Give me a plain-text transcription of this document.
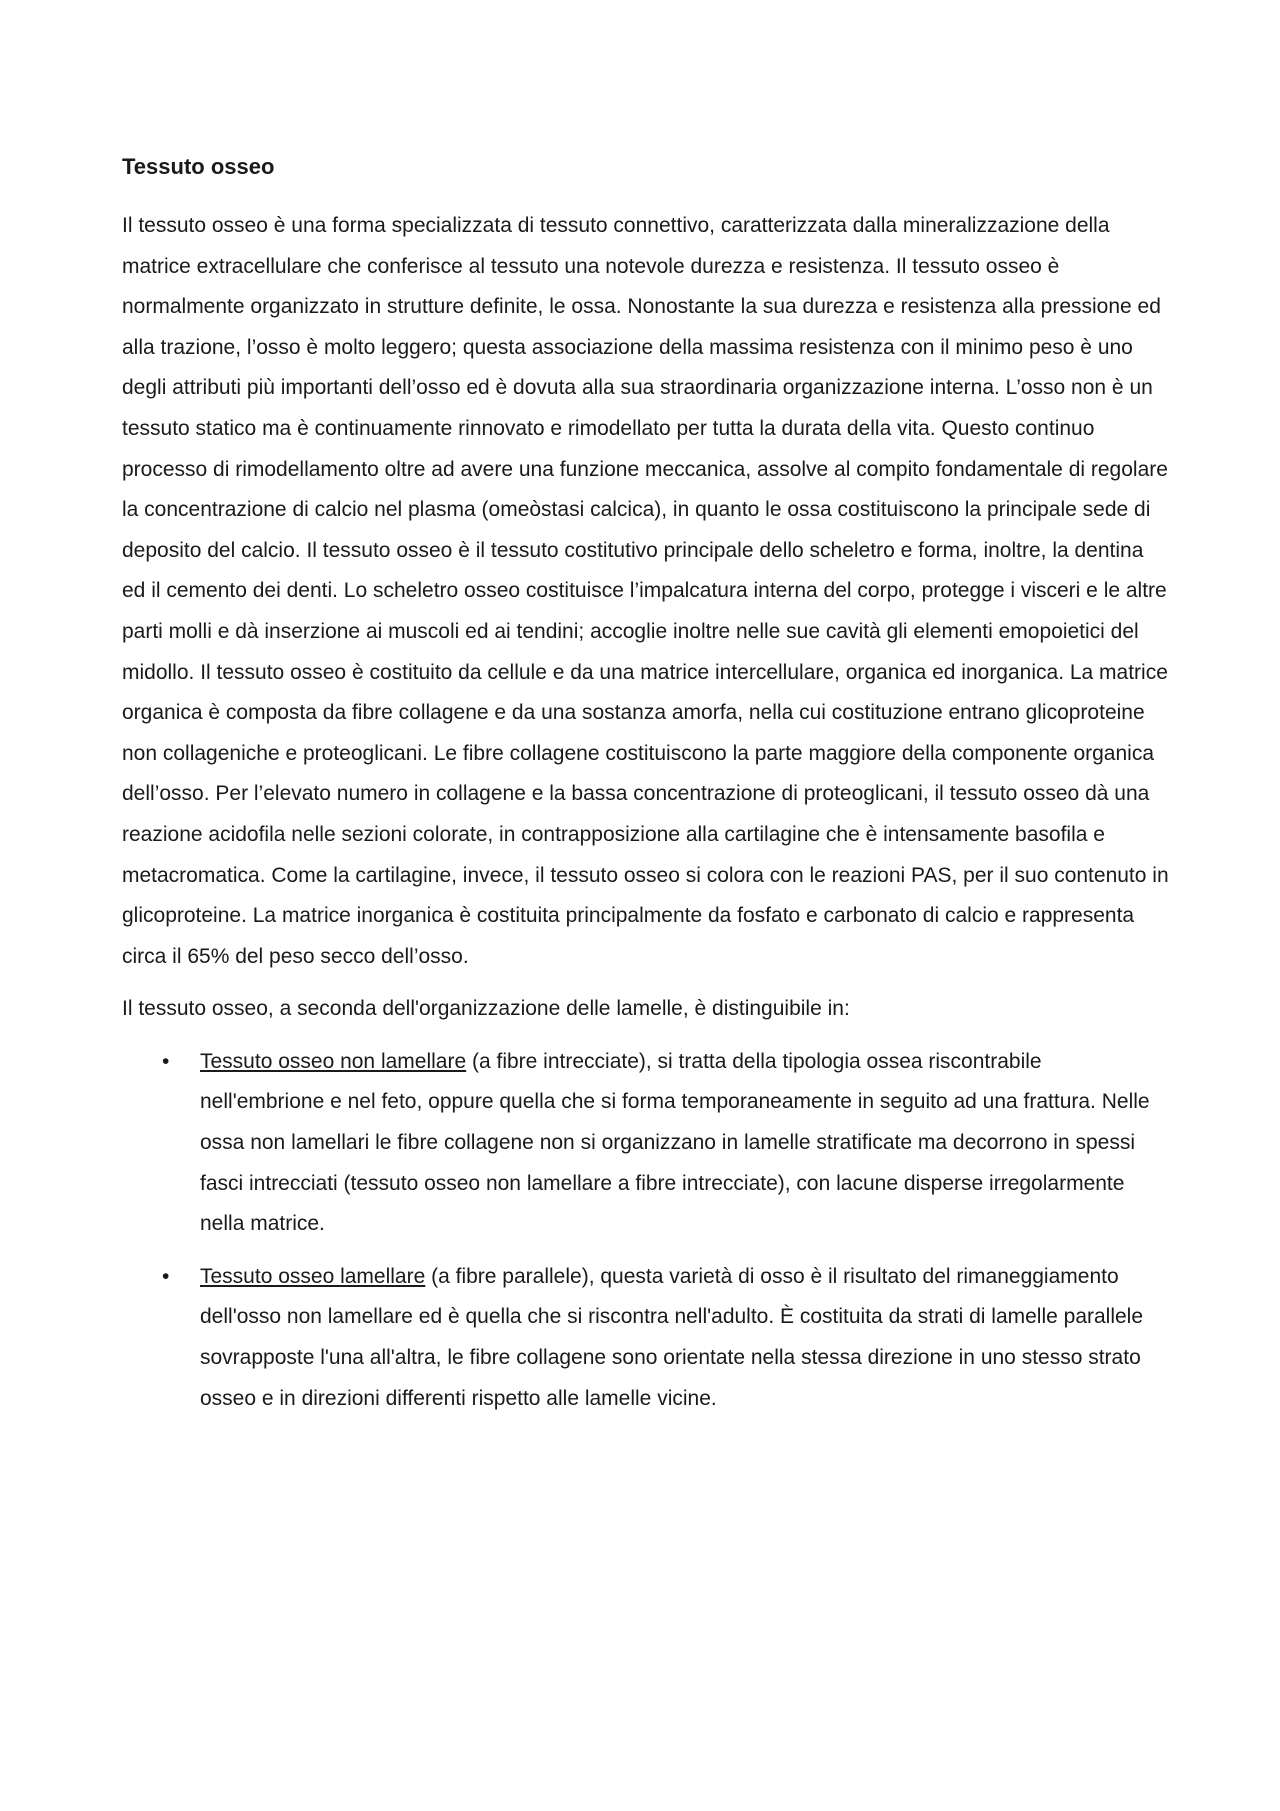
Tessuto osseo

Il tessuto osseo è una forma specializzata di tessuto connettivo, caratterizzata dalla mineralizzazione della matrice extracellulare che conferisce al tessuto una notevole durezza e resistenza. Il tessuto osseo è normalmente organizzato in strutture definite, le ossa. Nonostante la sua durezza e resistenza alla pressione ed alla trazione, l’osso è molto leggero; questa associazione della massima resistenza con il minimo peso è uno degli attributi più importanti dell’osso ed è dovuta alla sua straordinaria organizzazione interna. L’osso non è un tessuto statico ma è continuamente rinnovato e rimodellato per tutta la durata della vita. Questo continuo processo di rimodellamento oltre ad avere una funzione meccanica, assolve al compito fondamentale di regolare la concentrazione di calcio nel plasma (omeòstasi calcica), in quanto le ossa costituiscono la principale sede di deposito del calcio. Il tessuto osseo è il tessuto costitutivo principale dello scheletro e forma, inoltre, la dentina ed il cemento dei denti. Lo scheletro osseo costituisce l’impalcatura interna del corpo, protegge i visceri e le altre parti molli e dà inserzione ai muscoli ed ai tendini; accoglie inoltre nelle sue cavità gli elementi emopoietici del midollo. Il tessuto osseo è costituito da cellule e da una matrice intercellulare, organica ed inorganica. La matrice organica è composta da fibre collagene e da una sostanza amorfa, nella cui costituzione entrano glicoproteine non collageniche e proteoglicani. Le fibre collagene costituiscono la parte maggiore della componente organica dell’osso. Per l’elevato numero in collagene e la bassa concentrazione di proteoglicani, il tessuto osseo dà una reazione acidofila nelle sezioni colorate, in contrapposizione alla cartilagine che è intensamente basofila e metacromatica. Come la cartilagine, invece, il tessuto osseo si colora con le reazioni PAS, per il suo contenuto in glicoproteine. La matrice inorganica è costituita principalmente da fosfato e carbonato di calcio e rappresenta circa il 65% del peso secco dell’osso.

Il tessuto osseo, a seconda dell'organizzazione delle lamelle, è distinguibile in:

• Tessuto osseo non lamellare (a fibre intrecciate), si tratta della tipologia ossea riscontrabile nell'embrione e nel feto, oppure quella che si forma temporaneamente in seguito ad una frattura. Nelle ossa non lamellari le fibre collagene non si organizzano in lamelle stratificate ma decorrono in spessi fasci intrecciati (tessuto osseo non lamellare a fibre intrecciate), con lacune disperse irregolarmente nella matrice.
• Tessuto osseo lamellare (a fibre parallele), questa varietà di osso è il risultato del rimaneggiamento dell'osso non lamellare ed è quella che si riscontra nell'adulto. È costituita da strati di lamelle parallele sovrapposte l'una all'altra, le fibre collagene sono orientate nella stessa direzione in uno stesso strato osseo e in direzioni differenti rispetto alle lamelle vicine.
